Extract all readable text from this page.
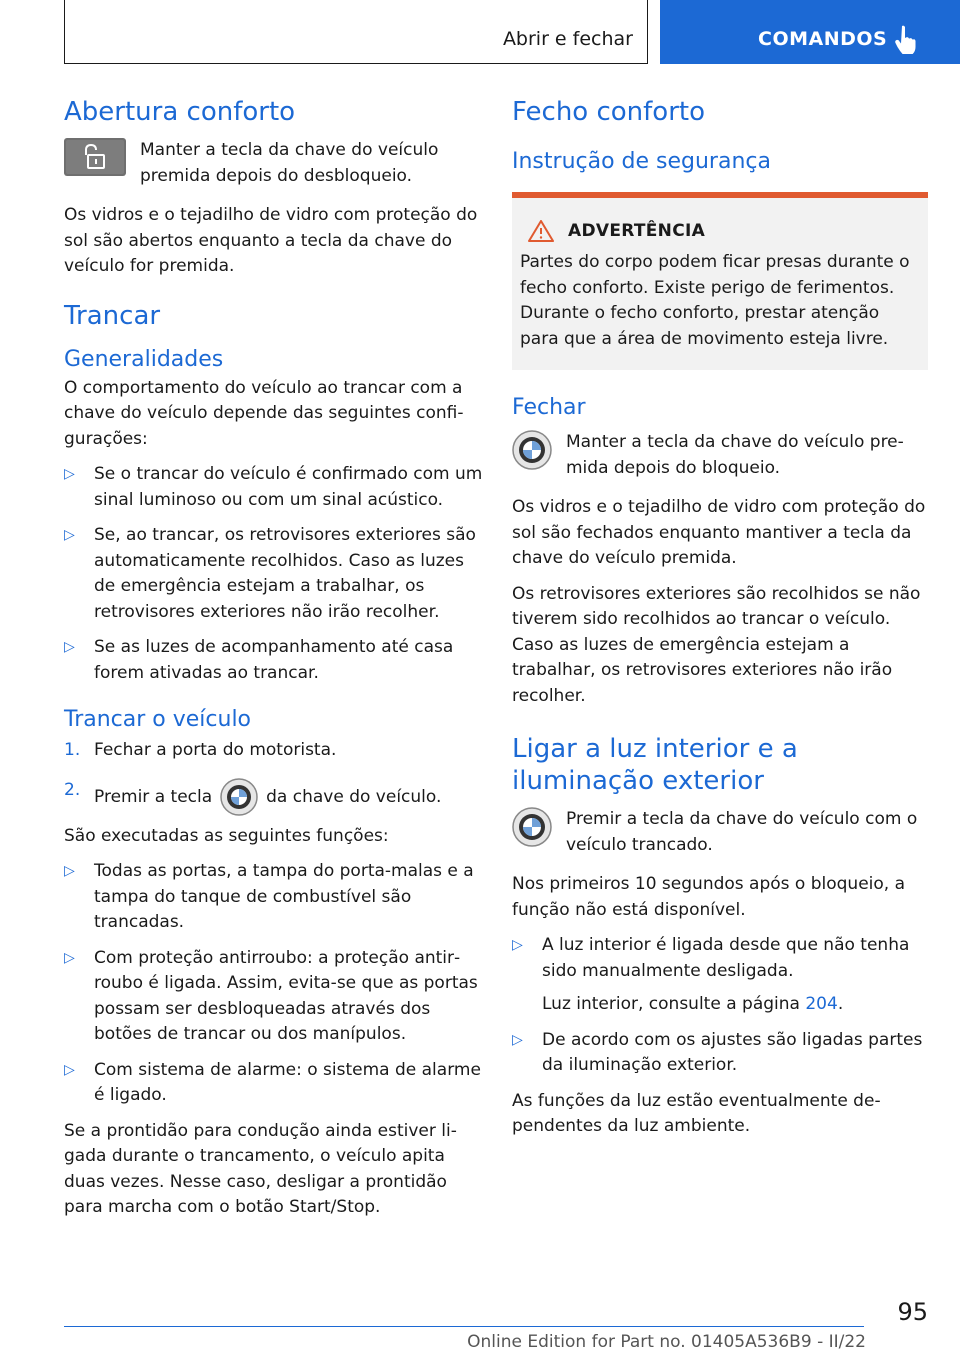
Abrir e fechar	COMANDOS
Abertura conforto

Manter a tecla da chave do veículo premida depois do desbloqueio.

Os vidros e o tejadilho de vidro com proteção do sol são abertos enquanto a tecla da chave do veículo for premida.

Trancar
Generalidades

O comportamento do veículo ao trancar com a chave do veículo depende das seguintes configurações:

▷ Se o trancar do veículo é confirmado com um sinal luminoso ou com um sinal acústico.
▷ Se, ao trancar, os retrovisores exteriores são automaticamente recolhidos. Caso as luzes de emergência estejam a trabalhar, os retrovisores exteriores não irão recolher.
▷ Se as luzes de acompanhamento até casa forem ativadas ao trancar.
Trancar o veículo
1. Fechar a porta do motorista.
2. Premir a tecla	da chave do veículo.

São executadas as seguintes funções:

▷ Todas as portas, a tampa do porta-malas e a tampa do tanque de combustível são trancadas.
▷ Com proteção antirroubo: a proteção antirroubo é ligada. Assim, evita-se que as portas possam ser desbloqueadas através dos botões de trancar ou dos manípulos.
▷ Com sistema de alarme: o sistema de alarme é ligado.

Se a prontidão para condução ainda estiver ligada durante o trancamento, o veículo apita duas vezes. Nesse caso, desligar a prontidão para marcha com o botão Start/Stop.

Fecho conforto
Instrução de segurança
ADVERTÊNCIA

Partes do corpo podem ficar presas durante o fecho conforto. Existe perigo de ferimentos. Durante o fecho conforto, prestar atenção para que a área de movimento esteja livre.

Fechar

Manter a tecla da chave do veículo premida depois do bloqueio.

Os vidros e o tejadilho de vidro com proteção do sol são fechados enquanto mantiver a tecla da chave do veículo premida.

Os retrovisores exteriores são recolhidos se não tiverem sido recolhidos ao trancar o veículo. Caso as luzes de emergência estejam a trabalhar, os retrovisores exteriores não irão recolher.

Ligar a luz interior e a iluminação exterior

Premir a tecla da chave do veículo com o veículo trancado.

Nos primeiros 10 segundos após o bloqueio, a função não está disponível.

▷ A luz interior é ligada desde que não tenha sido manualmente desligada.
Luz interior, consulte a página 204.
▷ De acordo com os ajustes são ligadas partes da iluminação exterior.

As funções da luz estão eventualmente dependentes da luz ambiente.

95
Online Edition for Part no. 01405A536B9 - II/22
